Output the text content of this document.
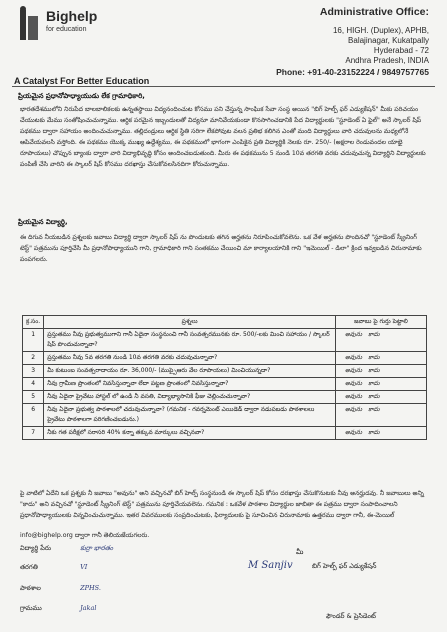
Bighelp
for education
A Catalyst For Better Education
Administrative Office:
16, HIGH. (Duplex), APHB,
Balajinagar, Kukatpally
Hyderabad - 72
Andhra Pradesh, INDIA
Phone: +91-40-23152224 / 9849757765
ప్రియమైన ప్రధానోపాధ్యాయుడు లేక గ్రామాధికారి,
భారతదేశములోని నిరుపేద బాలబాలికలకు ఉన్నతస్థాయి విద్యనందించుట కోసము పని చేస్తున్న సాంఘిక సేవా సంస్థ అయిన "బిగ్ హెల్ప్ ఫర్ ఎడ్యుకేషన్" మీకు పరిచయం చేయుటకు మేము సంతోషించుచున్నాము. ఆర్థిక పరమైన ఇబ్బందులతో విద్యనూ మానివేయకుండా కొనసాగించడానికి పేద విద్యార్థులకు "స్టూడెంట్ ఏ ఫైల్" అనే స్కాలర్ షిప్ పథకము ద్వారా సహాయం అందించుచున్నాము. తల్లిదండ్రులు ఆర్థిక స్థితి సరిగా లేకపోవుట వలన ప్రతిభ కలిగిన ఎంతో మంది విద్యార్థులు వారి చదువులను మధ్యలోనే ఆపివేయవలసి వస్తోంది. ఈ పథకము యొక్క ముఖ్య ఉద్దేశ్యము, ఈ పథకములో భాగంగా ఎంపికైన ప్రతి విద్యార్థికి నెలకు రూ. 250/- (అక్షరాల రెండువందల యాభై రూపాయలు) చొప్పున బ్యాంకు ద్వారా వారి విద్యాభివృద్ధి కోసం అందించబడుతుంది. మీరు ఈ పథకమును 5 నుండి 10వ తరగతి వరకు చదువుచున్న విద్యార్థిని విద్యార్థులకు పంపిణీ చేసి వారిని ఈ స్కాలర్ షిప్ కోసము దరఖాస్తు చేసుకోవలసినదిగా కోరుచున్నాము.
ప్రియమైన విద్యార్థి,
ఈ దిగువ నీయబడిన ప్రశ్నలకు జవాబు విద్యార్థి ద్వారా స్కాలర్ షిప్ ను పొందుటకు తగిన అర్హతను నిరూపించుకోవలెను. ఒక వేళ అర్హతను పొందినచో "స్టూడెంట్ స్క్రీనింగ్ టెస్ట్" పత్రమును పూర్తిచేసి మీ ప్రధానోపాధ్యాయుని గాని, గ్రామాధికారి గాని సంతకము చేయించి మా కార్యాలయానికి గాని "ఇమెయిల్ - డిలా" క్రింద ఇవ్వబడిన చిరునామాకు పంపగలరు.
క్ర.సం.	ప్రశ్నలు	జవాబు పై గుర్తు పెట్టాలి
1	ప్రస్తుతము నీవు ప్రభుత్వముగాని గానీ ఏదైనా సంస్థనుంచి గానీ సంవత్సరమునకు రూ. 500/-లకు మించి సహాయం / స్కాలర్ షిప్ పొందుచున్నావా?	అవును కాదు
2	ప్రస్తుతము నీవు 5వ తరగతి నుండి 10వ తరగతి వరకు చదువుచున్నావా?	అవును కాదు
3	మీ కుటుంబ సంవత్సరాదాయం రూ. 36,000/- (ముప్పైఆరు వేల రూపాయలు) మించియున్నదా?	అవును కాదు
4	నీవు గ్రామీణ ప్రాంతంలో నివసిస్తున్నావా లేదా పట్టణ ప్రాంతంలో నివసిస్తున్నావా?	అవును కాదు
5	నీవు ఏదైనా ప్రైవేటు హాస్టల్ లో ఉండి నీ వసతి, విద్యాభ్యాసానికి ఫీజు చెల్లించుచున్నావా?	అవును కాదు
6	నీవు ఏదైనా ప్రభుత్వ పాఠశాలలో చదువుచున్నావా? (గమనిక - గవర్నమెంట్ ఎయిడెడ్ ద్వారా నడుపబడు పాఠశాలలు ప్రైవేటు పాఠశాలగా పరిగణించబడును.)	అవును కాదు
7	నీకు గత పరీక్షలో సరాసరి 40% కన్నా తక్కువ మార్కులు వచ్చినవా?	అవును కాదు
పై వాటిలో ఏదేని ఒక ప్రశ్నకు నీ జవాబు "అవును" అని వచ్చినచో బిగ్ హెల్ప్ సంస్థనుండి ఈ స్కాలర్ షిప్ కోసం దరఖాస్తు చేసుకొనుటకు నీవు అనర్హుడవు. నీ జవాబులు అన్ని "కాదు" అని వచ్చినచో "స్టూడెంట్ స్క్రీనింగ్ టెస్ట్" పత్రమును పూర్తిచేయవలెను. గమనిక : ఒకవేళ పాఠశాల విద్యార్థుల జాబితా ఈ పత్రము ద్వారా సంపాదించాలని ప్రధానోపాధ్యాయులకు విన్నవించుచున్నాము. ఇతర వివరములకు సంప్రదించుటకు, ఫిర్యాదులకు పై సూచించిన చిరునామాకు ఉత్తరము ద్వారా గానీ, ఈ-మెయిల్
info@bighelp.org ద్వారా గానీ తెలియజేయగలరు.
విద్యార్థి పేరు	కుర్రా భారతం
తరగతి	VI
పాఠశాల	ZPHS.
గ్రామము	Jakal
మీ
M Sanjiv	బిగ్ హెల్ప్ ఫర్ ఎడ్యుకేషన్
ఫౌండర్ & ప్రెసిడెంట్
